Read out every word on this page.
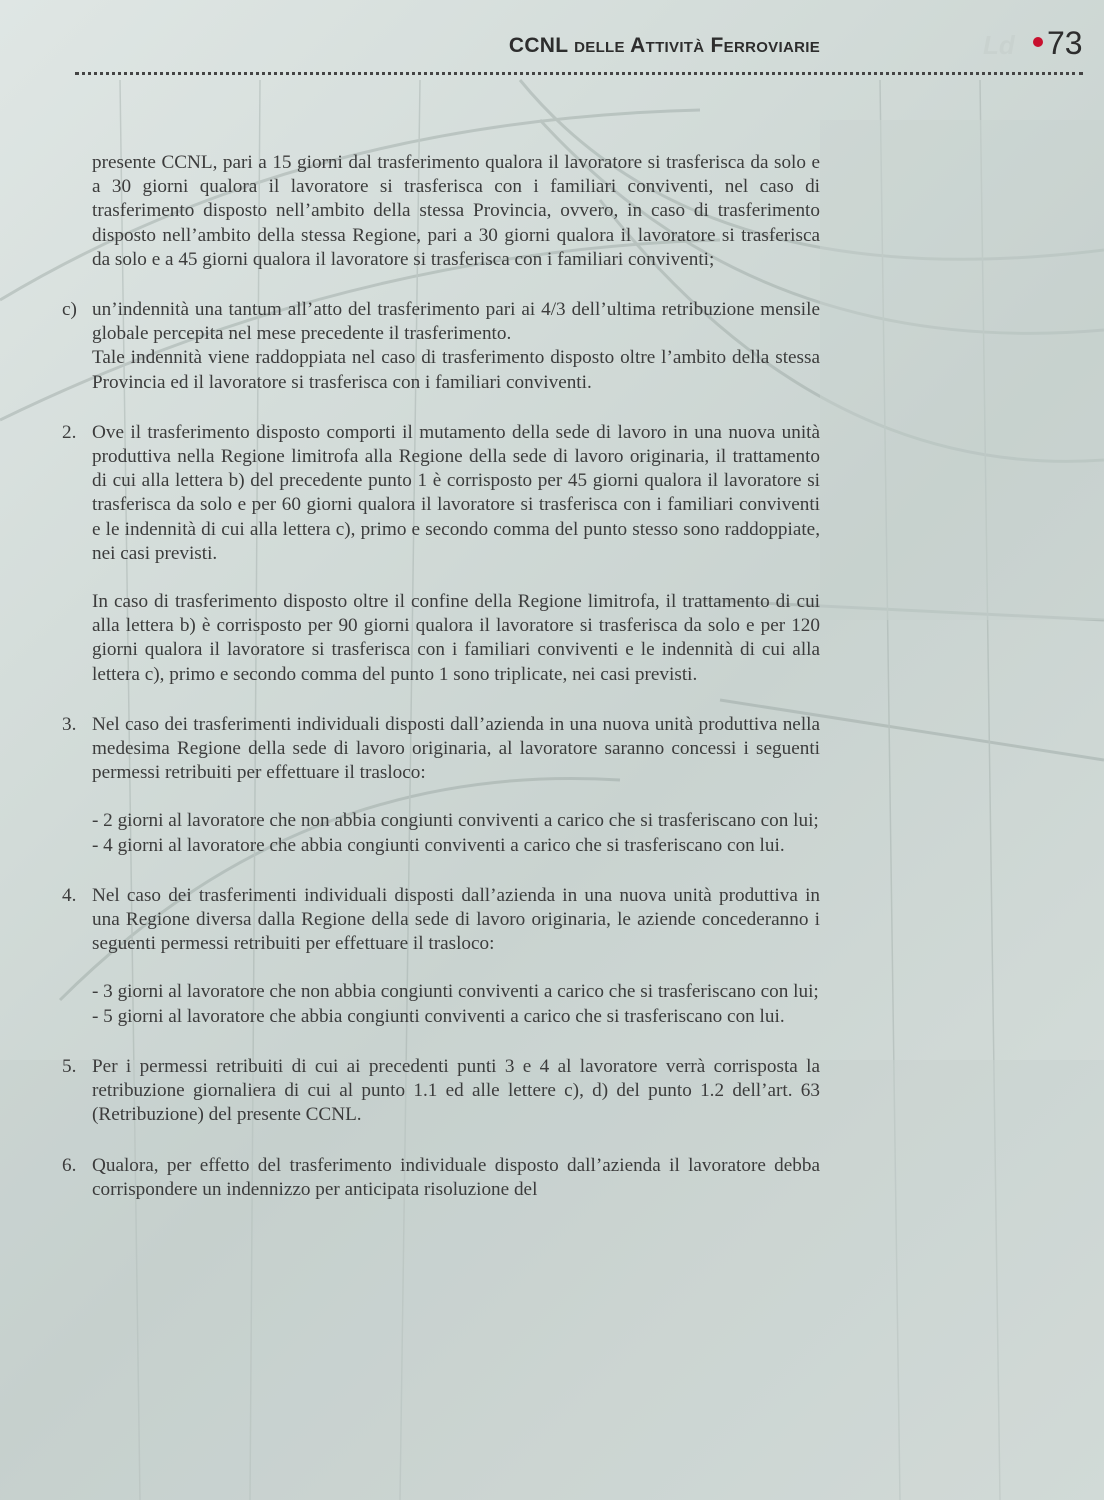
CCNL delle Attività Ferroviarie	Ld 73

presente CCNL, pari a 15 giorni dal trasferimento qualora il lavoratore si trasferisca da solo e a 30 giorni qualora il lavoratore si trasferisca con i familiari conviventi, nel caso di trasferimento disposto nell’ambito della stessa Provincia, ovvero, in caso di trasferimento disposto nell’ambito della stessa Regione, pari a 30 giorni qualora il lavoratore si trasferisca da solo e a 45 giorni qualora il lavoratore si trasferisca con i familiari conviventi;

c) un’indennità una tantum all’atto del trasferimento pari ai 4/3 dell’ultima retribuzione mensile globale percepita nel mese precedente il trasferimento.

Tale indennità viene raddoppiata nel caso di trasferimento disposto oltre l’ambito della stessa Provincia ed il lavoratore si trasferisca con i familiari conviventi.

2. Ove il trasferimento disposto comporti il mutamento della sede di lavoro in una nuova unità produttiva nella Regione limitrofa alla Regione della sede di lavoro originaria, il trattamento di cui alla lettera b) del precedente punto 1 è corrisposto per 45 giorni qualora il lavoratore si trasferisca da solo e per 60 giorni qualora il lavoratore si trasferisca con i familiari conviventi e le indennità di cui alla lettera c), primo e secondo comma del punto stesso sono raddoppiate, nei casi previsti.

In caso di trasferimento disposto oltre il confine della Regione limitrofa, il trattamento di cui alla lettera b) è corrisposto per 90 giorni qualora il lavoratore si trasferisca da solo e per 120 giorni qualora il lavoratore si trasferisca con i familiari conviventi e le indennità di cui alla lettera c), primo e secondo comma del punto 1 sono triplicate, nei casi previsti.

3. Nel caso dei trasferimenti individuali disposti dall’azienda in una nuova unità produttiva nella medesima Regione della sede di lavoro originaria, al lavoratore saranno concessi i seguenti permessi retribuiti per effettuare il trasloco:

- 2 giorni al lavoratore che non abbia congiunti conviventi a carico che si trasferiscano con lui;

- 4 giorni al lavoratore che abbia congiunti conviventi a carico che si trasferiscano con lui.

4. Nel caso dei trasferimenti individuali disposti dall’azienda in una nuova unità produttiva in una Regione diversa dalla Regione della sede di lavoro originaria, le aziende concederanno i seguenti permessi retribuiti per effettuare il trasloco:

- 3 giorni al lavoratore che non abbia congiunti conviventi a carico che si trasferiscano con lui;

- 5 giorni al lavoratore che abbia congiunti conviventi a carico che si trasferiscano con lui.

5. Per i permessi retribuiti di cui ai precedenti punti 3 e 4 al lavoratore verrà corrisposta la retribuzione giornaliera di cui al punto 1.1 ed alle lettere c), d) del punto 1.2 dell’art. 63 (Retribuzione) del presente CCNL.

6. Qualora, per effetto del trasferimento individuale disposto dall’azienda il lavoratore debba corrispondere un indennizzo per anticipata risoluzione del
